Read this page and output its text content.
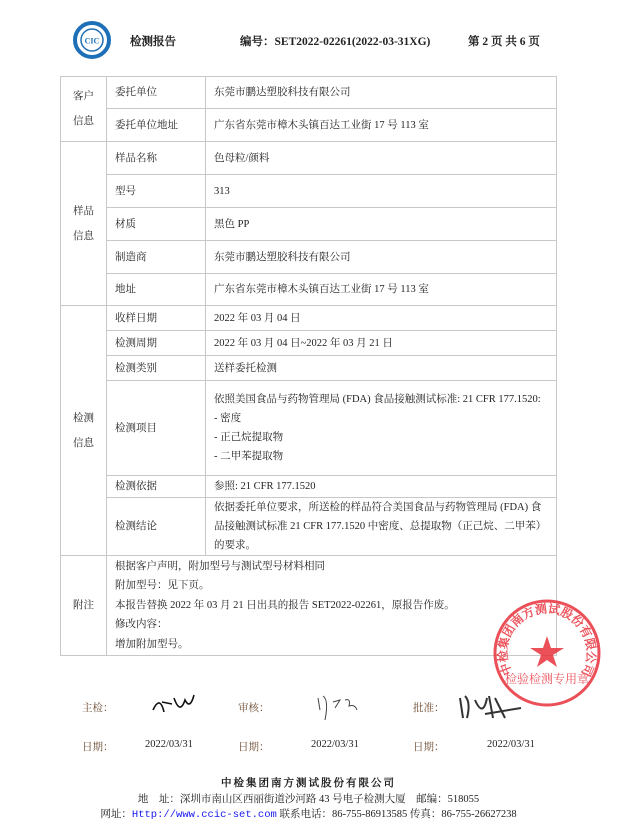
CIC	检测报告	编号：SET2022-02261(2022-03-31XG)	第 2 页 共 6 页
客户
信息	委托单位	东莞市鹏达塑胶科技有限公司
	委托单位地址	广东省东莞市樟木头镇百达工业街 17 号 113 室
样品
信息	样品名称	色母粒/颜料
	型号	313
	材质	黑色 PP
	制造商	东莞市鹏达塑胶科技有限公司
	地址	广东省东莞市樟木头镇百达工业街 17 号 113 室
检测
信息	收样日期	2022 年 03 月 04 日

	检测周期	2022 年 03 月 04 日~2022 年 03 月 21 日

	检测类别	送样委托检测

	检测项目	依照美国食品与药物管理局 (FDA) 食品接触测试标准: 21 CFR 177.1520:
- 密度
- 正己烷提取物
- 二甲苯提取物

	检测依据	参照: 21 CFR 177.1520

	检测结论	依据委托单位要求，所送检的样品符合美国食品与药物管理局 (FDA) 食品接触测试标准 21 CFR 177.1520 中密度、总提取物（正己烷、二甲苯）的要求。

附注	根据客户声明，附加型号与测试型号材料相同
附加型号：见下页。
本报告替换 2022 年 03 月 21 日出具的报告 SET2022-02261，原报告作废。
修改内容：
增加附加型号。	
中检集团南方测试股份有限公司
检验检测专用章
主检：	审核：	批准：
日期：	2022/03/31	日期：	2022/03/31	日期：	2022/03/31
中检集团南方测试股份有限公司
地　址：深圳市南山区西丽街道沙河路 43 号电子检测大厦　邮编：518055
网址：Http://www.ccic-set.com 联系电话：86-755-86913585 传真：86-755-26627238
